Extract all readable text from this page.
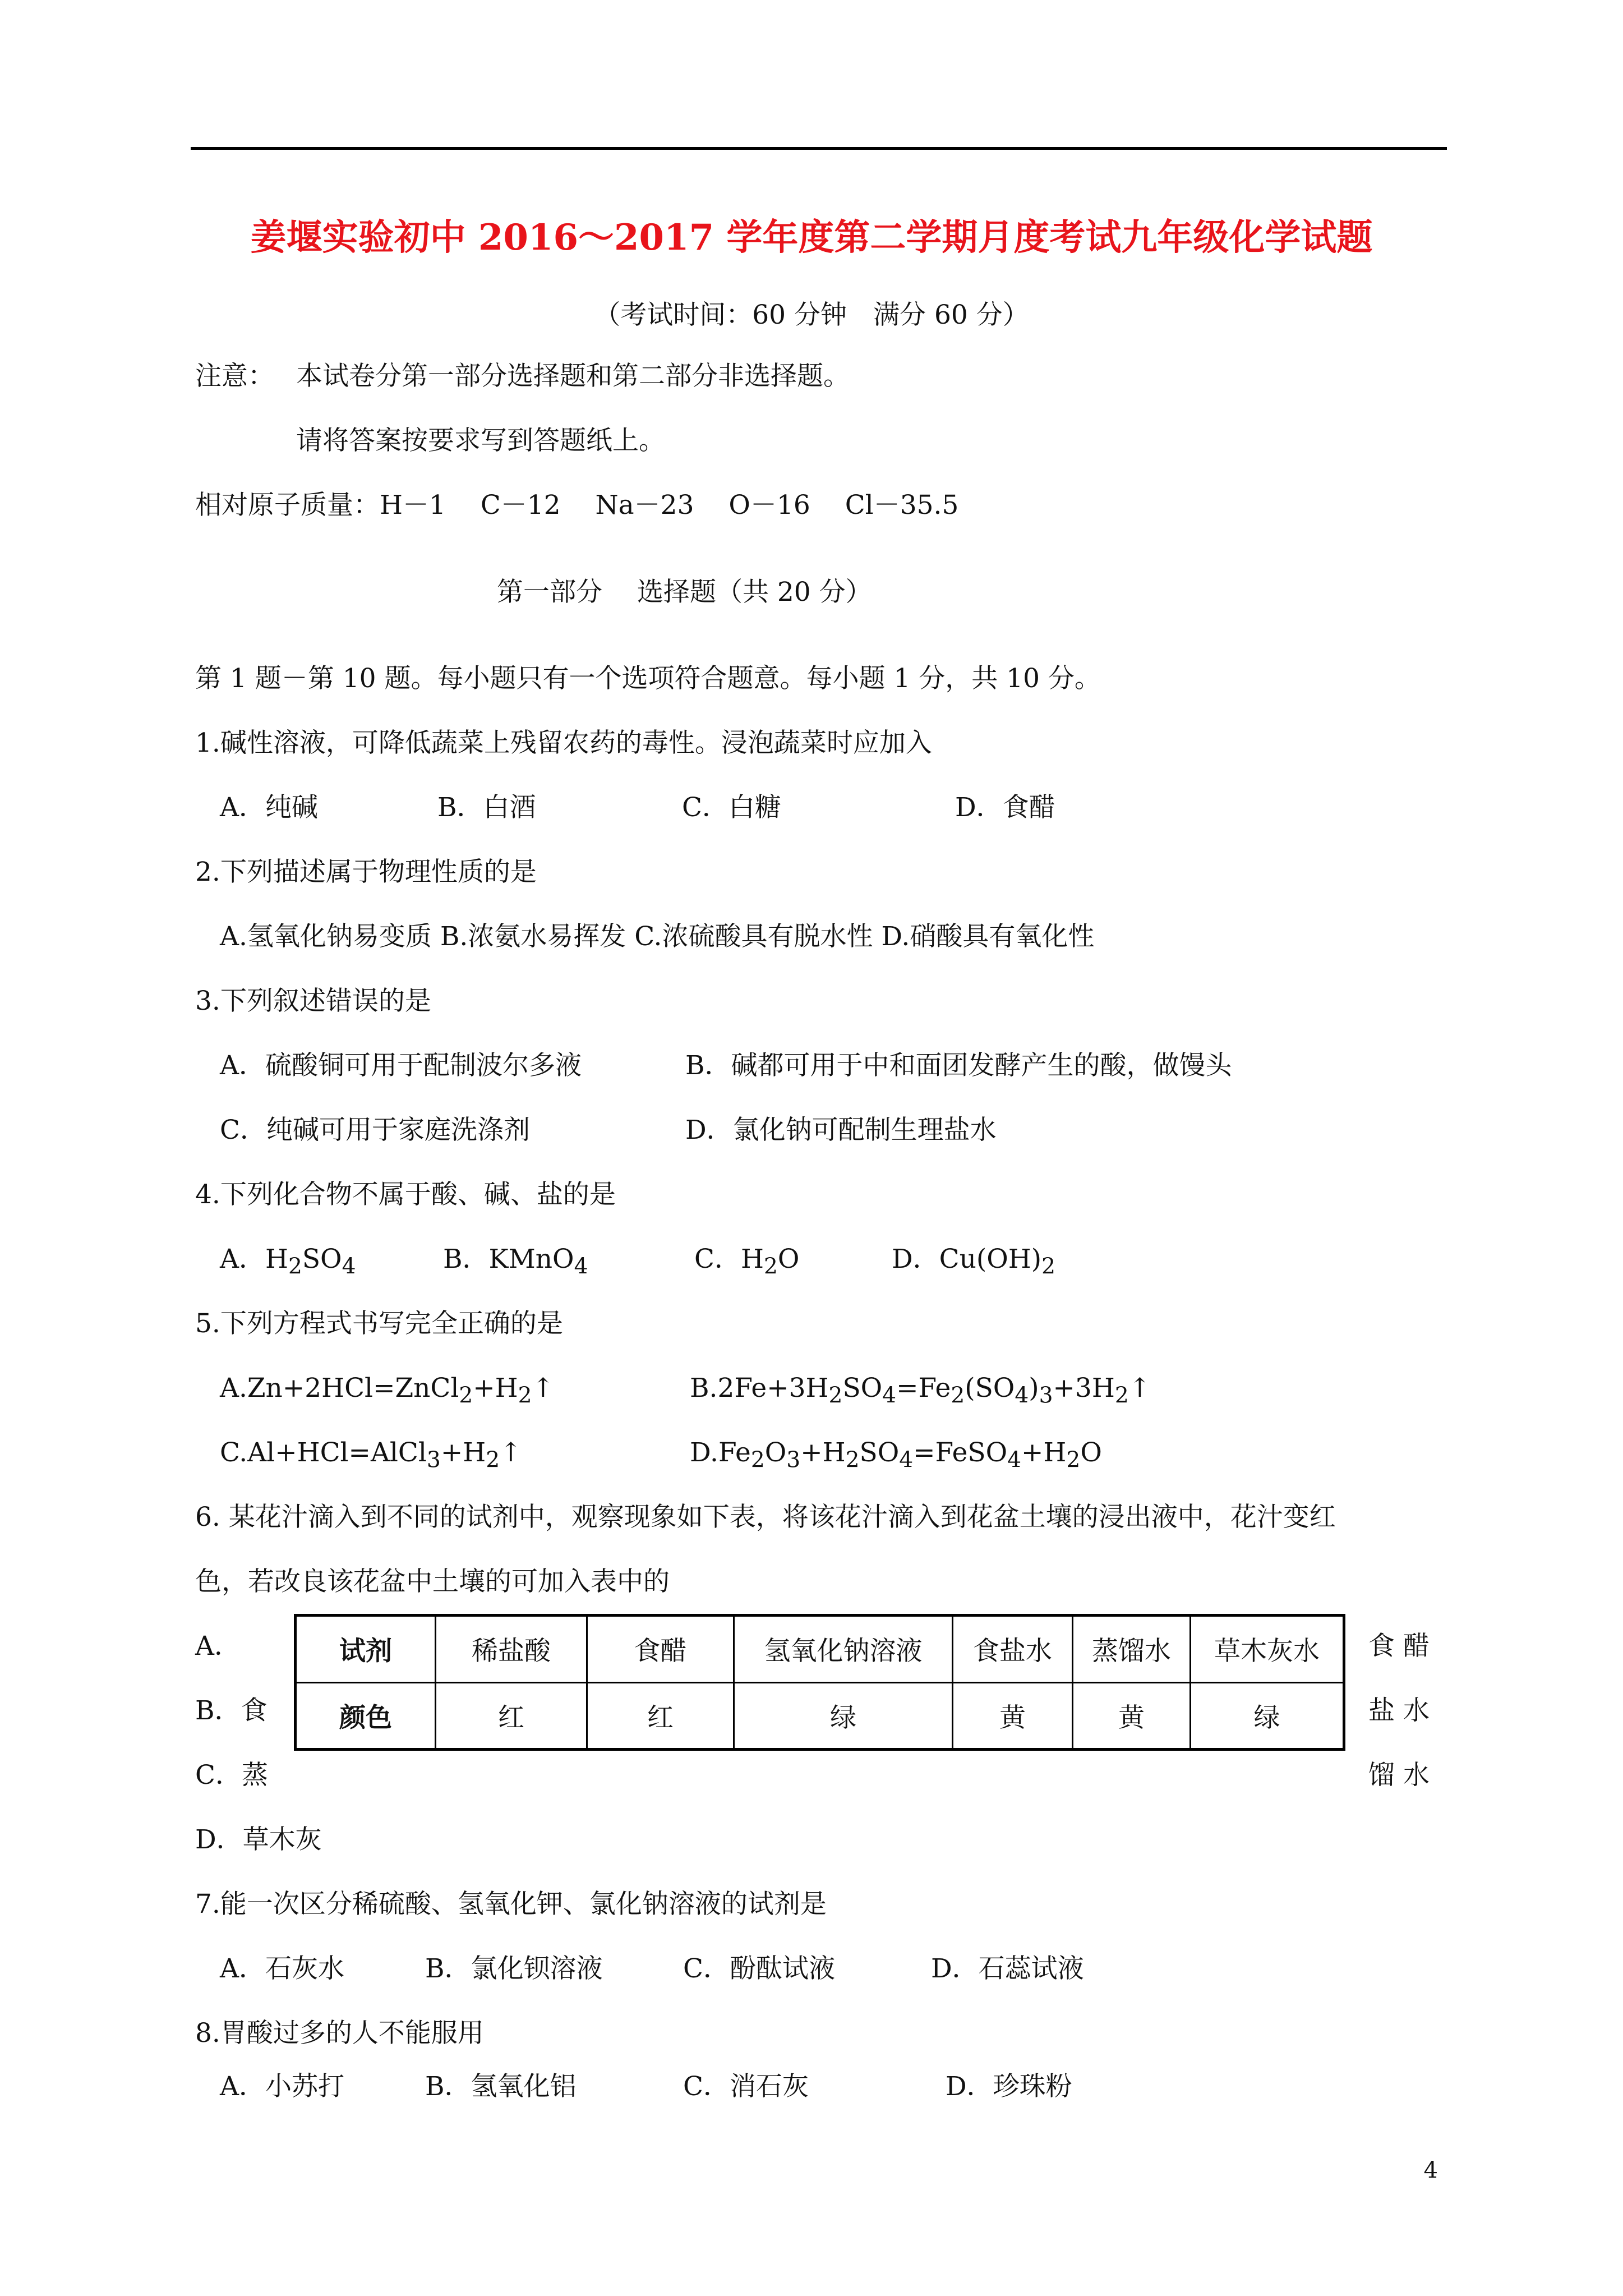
姜堰实验初中 2016～2017 学年度第二学期月度考试九年级化学试题
（考试时间：60 分钟　满分 60 分）
注意： 本试卷分第一部分选择题和第二部分非选择题。
请将答案按要求写到答题纸上。
相对原子质量：H－1　 C－12　 Na－23　 O－16　 Cl－35.5
第一部分　 选择题（共 20 分）
第 1 题－第 10 题。每小题只有一个选项符合题意。每小题 1 分，共 10 分。
1.碱性溶液，可降低蔬菜上残留农药的毒性。浸泡蔬菜时应加入
A．纯碱	B．白酒	C．白糖	D．食醋
2.下列描述属于物理性质的是
A.氢氧化钠易变质 B.浓氨水易挥发 C.浓硫酸具有脱水性 D.硝酸具有氧化性
3.下列叙述错误的是
A．硫酸铜可用于配制波尔多液	B．碱都可用于中和面团发酵产生的酸，做馒头
C．纯碱可用于家庭洗涤剂	D．氯化钠可配制生理盐水
4.下列化合物不属于酸、碱、盐的是
A．$H_2SO_4$	B．KMnO$_4$	C．$H_2O$	D．$Cu(OH)_2$
5.下列方程式书写完全正确的是
$A.Zn+2HCl=ZnCl_2+H_2↑$	$B.2Fe+3H_2SO_4=Fe_2(SO_4)_3+3H_2↑$
$C.Al+HCl=AlCl_3+H_2↑$	$D.Fe_2O_3+H_2SO_4=FeSO_4+H_2O$
6. 某花汁滴入到不同的试剂中，观察现象如下表，将该花汁滴入到花盆土壤的浸出液中，花汁变红
色，若改良该花盆中土壤的可加入表中的
试剂	稀盐酸	食醋	氢氧化钠溶液	食盐水	蒸馏水	草木灰水
颜色	红	红	绿	黄	黄	绿
A．	食 醋
B．食	盐 水
C．蒸	馏 水
D．草木灰
7.能一次区分稀硫酸、氢氧化钾、氯化钠溶液的试剂是
A．石灰水	B．氯化钡溶液	C．酚酞试液	D．石蕊试液
8.胃酸过多的人不能服用
A．小苏打	B．氢氧化铝	C．消石灰	D．珍珠粉
4
